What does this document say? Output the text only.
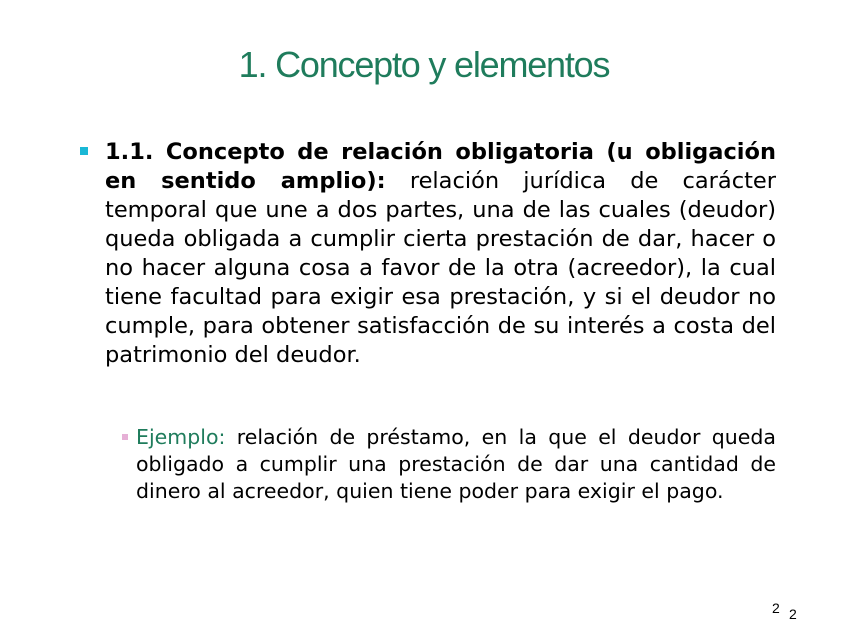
1. Concepto y elementos

1.1. Concepto de relación obligatoria (u obligación en sentido amplio): relación jurídica de carácter temporal que une a dos partes, una de las cuales (deudor) queda obligada a cumplir cierta prestación de dar, hacer o no hacer alguna cosa a favor de la otra (acreedor), la cual tiene facultad para exigir esa prestación, y si el deudor no cumple, para obtener satisfacción de su interés a costa del patrimonio del deudor.

Ejemplo: relación de préstamo, en la que el deudor queda obligado a cumplir una prestación de dar una cantidad de dinero al acreedor, quien tiene poder para exigir el pago.

2 2
